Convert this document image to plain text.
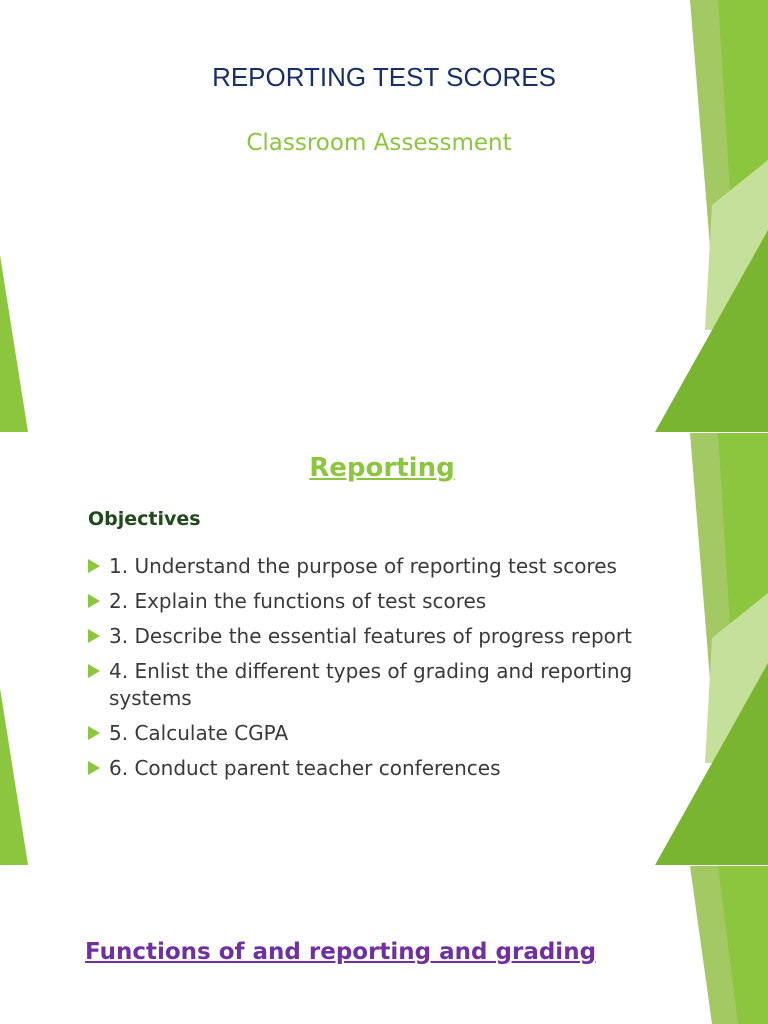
REPORTING TEST SCORES
Classroom Assessment
Reporting
Objectives
1. Understand the purpose of reporting test scores
2. Explain the functions of test scores
3. Describe the essential features of progress report
4. Enlist the different types of grading and reporting systems
5. Calculate CGPA
6. Conduct parent teacher conferences
Functions of and reporting and grading
